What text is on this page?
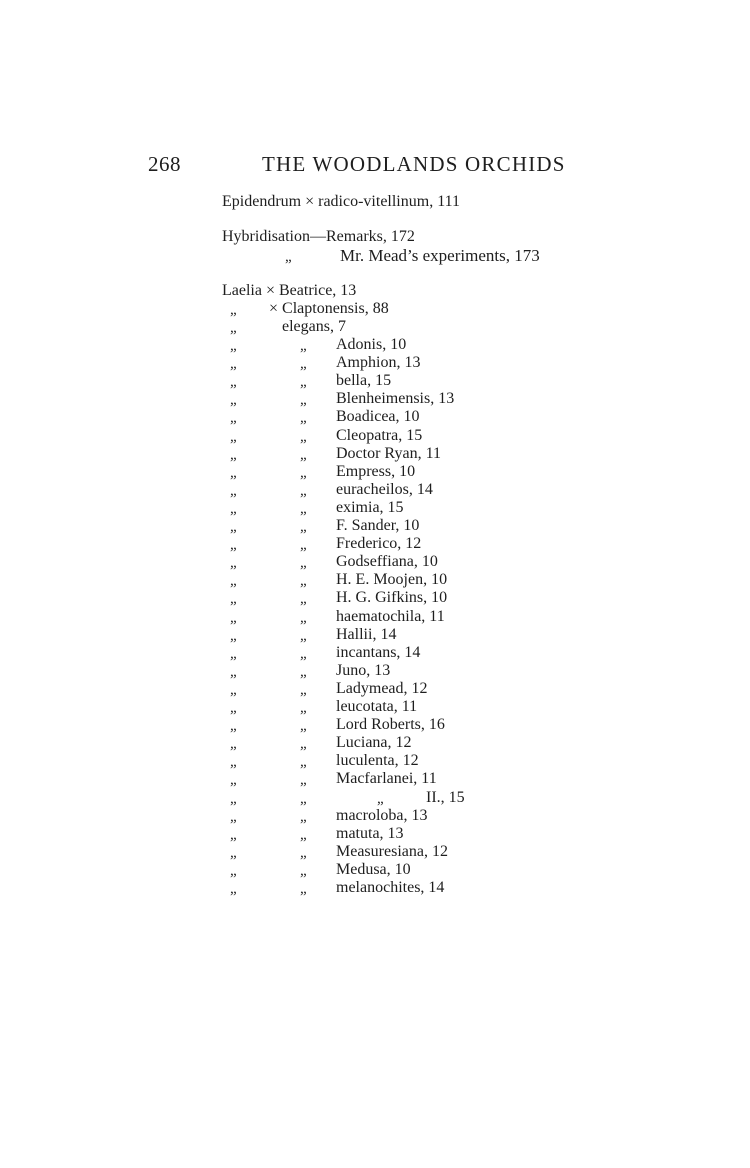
268	THE WOODLANDS ORCHIDS
Epidendrum × radico-vitellinum, 111
Hybridisation—Remarks, 172
„	Mr. Mead’s experiments, 173
Laelia × Beatrice, 13
„ × Claptonensis, 88
„	elegans, 7
„	„ Adonis, 10
„	„ Amphion, 13
„	„ bella, 15
„	„ Blenheimensis, 13
„	„ Boadicea, 10
„	„ Cleopatra, 15
„	„ Doctor Ryan, 11
„	„ Empress, 10
„	„ euracheilos, 14
„	„ eximia, 15
„	„ F. Sander, 10
„	„ Frederico, 12
„	„ Godseffiana, 10
„	„ H. E. Moojen, 10
„	„ H. G. Gifkins, 10
„	„ haematochila, 11
„	„ Hallii, 14
„	„ incantans, 14
„	„ Juno, 13
„	„ Ladymead, 12
„	„ leucotata, 11
„	„ Lord Roberts, 16
„	„ Luciana, 12
„	„ luculenta, 12
„	„ Macfarlanei, 11
„	„	„	II., 15
„	„ macroloba, 13
„	„ matuta, 13
„	„ Measuresiana, 12
„	„ Medusa, 10
„	„ melanochites, 14
